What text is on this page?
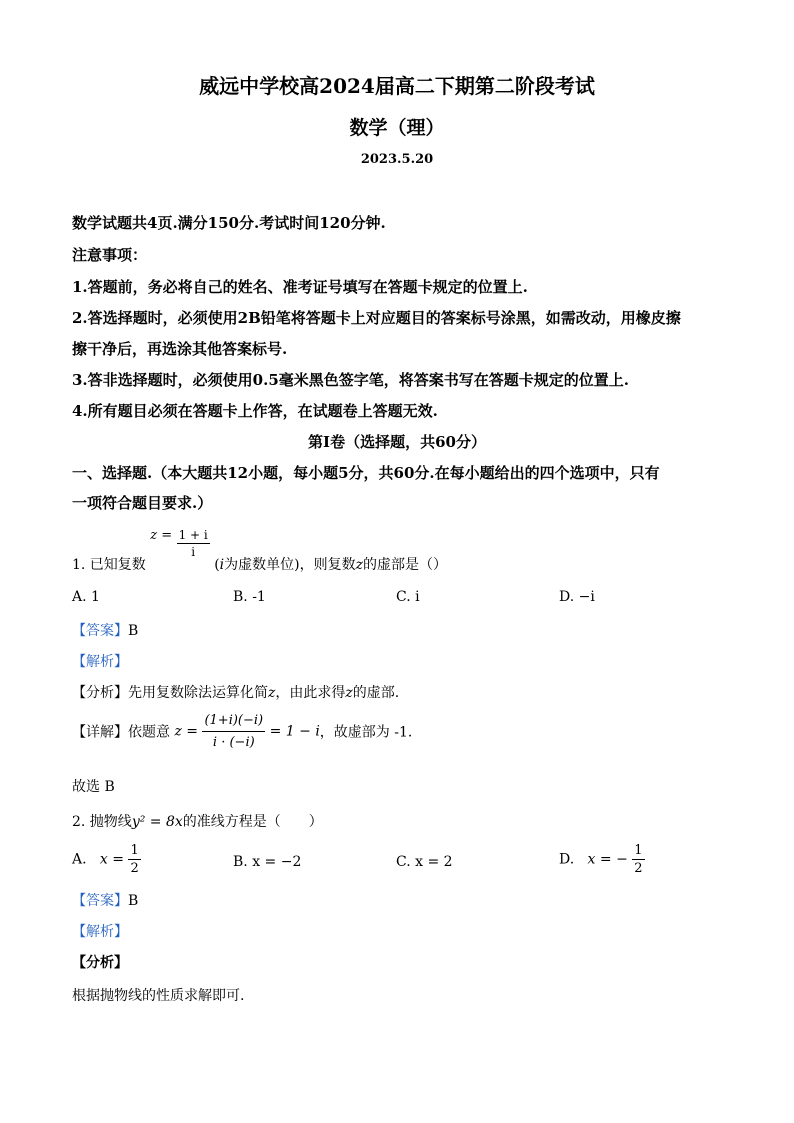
威远中学校高2024届高二下期第二阶段考试
数学（理）
2023.5.20
数学试题共4页.满分150分.考试时间120分钟.
注意事项：
1.答题前，务必将自己的姓名、准考证号填写在答题卡规定的位置上.
2.答选择题时，必须使用2B铅笔将答题卡上对应题目的答案标号涂黑，如需改动，用橡皮擦
擦干净后，再选涂其他答案标号.
3.答非选择题时，必须使用0.5毫米黑色签字笔，将答案书写在答题卡规定的位置上.
4.所有题目必须在答题卡上作答，在试题卷上答题无效.
第I卷（选择题，共60分）
一、选择题.（本大题共12小题，每小题5分，共60分.在每小题给出的四个选项中，只有
一项符合题目要求.）
1. 已知复数 $z = \frac{1 + i}{i}$
(i为虚数单位)，则复数z的虚部是（）
A. 1	B. -1	C. i	D. −i
【答案】B
【解析】
【分析】先用复数除法运算化简z，由此求得z的虚部.
【详解】依题意 $z = \frac{(1+i)(-i)}{i \cdot (-i)} = 1 - i$，故虚部为 -1.
故选 B
2. 抛物线y² = 8x的准线方程是（　　）
A. $x = \frac{1}{2}$	B. x = −2	C. x = 2	D. x = − $\frac{1}{2}$
【答案】B
【解析】
【分析】
根据抛物线的性质求解即可.
